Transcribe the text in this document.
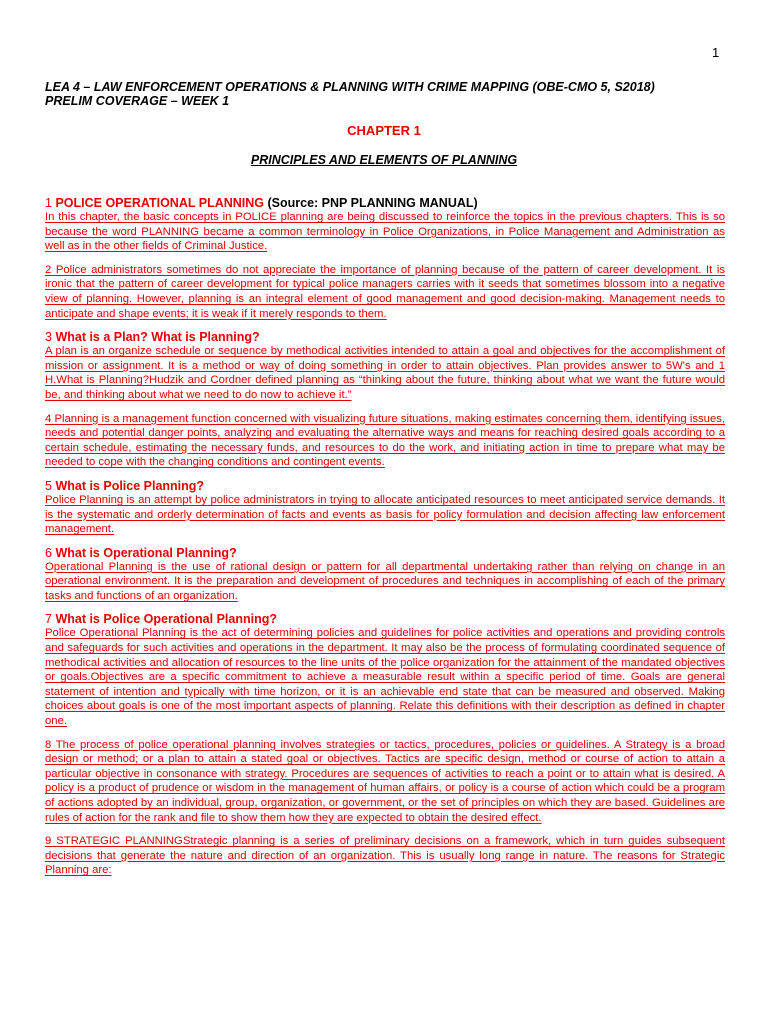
1
LEA 4 – LAW ENFORCEMENT OPERATIONS & PLANNING WITH CRIME MAPPING (OBE-CMO 5, S2018)
PRELIM COVERAGE – WEEK 1
CHAPTER 1
PRINCIPLES AND ELEMENTS OF PLANNING

1 POLICE OPERATIONAL PLANNING (Source: PNP PLANNING MANUAL)

In this chapter, the basic concepts in POLICE planning are being discussed to reinforce the topics in the previous chapters. This is so because the word PLANNING became a common terminology in Police Organizations, in Police Management and Administration as well as in the other fields of Criminal Justice.

2 Police administrators sometimes do not appreciate the importance of planning because of the pattern of career development. It is ironic that the pattern of career development for typical police managers carries with it seeds that sometimes blossom into a negative view of planning. However, planning is an integral element of good management and good decision-making. Management needs to anticipate and shape events; it is weak if it merely responds to them.

3 What is a Plan? What is Planning?

A plan is an organize schedule or sequence by methodical activities intended to attain a goal and objectives for the accomplishment of mission or assignment. It is a method or way of doing something in order to attain objectives. Plan provides answer to 5W's and 1 H.What is Planning?Hudzik and Cordner defined planning as “thinking about the future, thinking about what we want the future would be, and thinking about what we need to do now to achieve it.”

4 Planning is a management function concerned with visualizing future situations, making estimates concerning them, identifying issues, needs and potential danger points, analyzing and evaluating the alternative ways and means for reaching desired goals according to a certain schedule, estimating the necessary funds, and resources to do the work, and initiating action in time to prepare what may be needed to cope with the changing conditions and contingent events.

5 What is Police Planning?

Police Planning is an attempt by police administrators in trying to allocate anticipated resources to meet anticipated service demands. It is the systematic and orderly determination of facts and events as basis for policy formulation and decision affecting law enforcement management.

6 What is Operational Planning?

Operational Planning is the use of rational design or pattern for all departmental undertaking rather than relying on change in an operational environment. It is the preparation and development of procedures and techniques in accomplishing of each of the primary tasks and functions of an organization.

7 What is Police Operational Planning?

Police Operational Planning is the act of determining policies and guidelines for police activities and operations and providing controls and safeguards for such activities and operations in the department. It may also be the process of formulating coordinated sequence of methodical activities and allocation of resources to the line units of the police organization for the attainment of the mandated objectives or goals.Objectives are a specific commitment to achieve a measurable result within a specific period of time. Goals are general statement of intention and typically with time horizon, or it is an achievable end state that can be measured and observed. Making choices about goals is one of the most important aspects of planning. Relate this definitions with their description as defined in chapter one.

8 The process of police operational planning involves strategies or tactics, procedures, policies or guidelines. A Strategy is a broad design or method; or a plan to attain a stated goal or objectives. Tactics are specific design, method or course of action to attain a particular objective in consonance with strategy. Procedures are sequences of activities to reach a point or to attain what is desired. A policy is a product of prudence or wisdom in the management of human affairs, or policy is a course of action which could be a program of actions adopted by an individual, group, organization, or government, or the set of principles on which they are based. Guidelines are rules of action for the rank and file to show them how they are expected to obtain the desired effect.

9 STRATEGIC PLANNINGStrategic planning is a series of preliminary decisions on a framework, which in turn guides subsequent decisions that generate the nature and direction of an organization. This is usually long range in nature. The reasons for Strategic Planning are:
